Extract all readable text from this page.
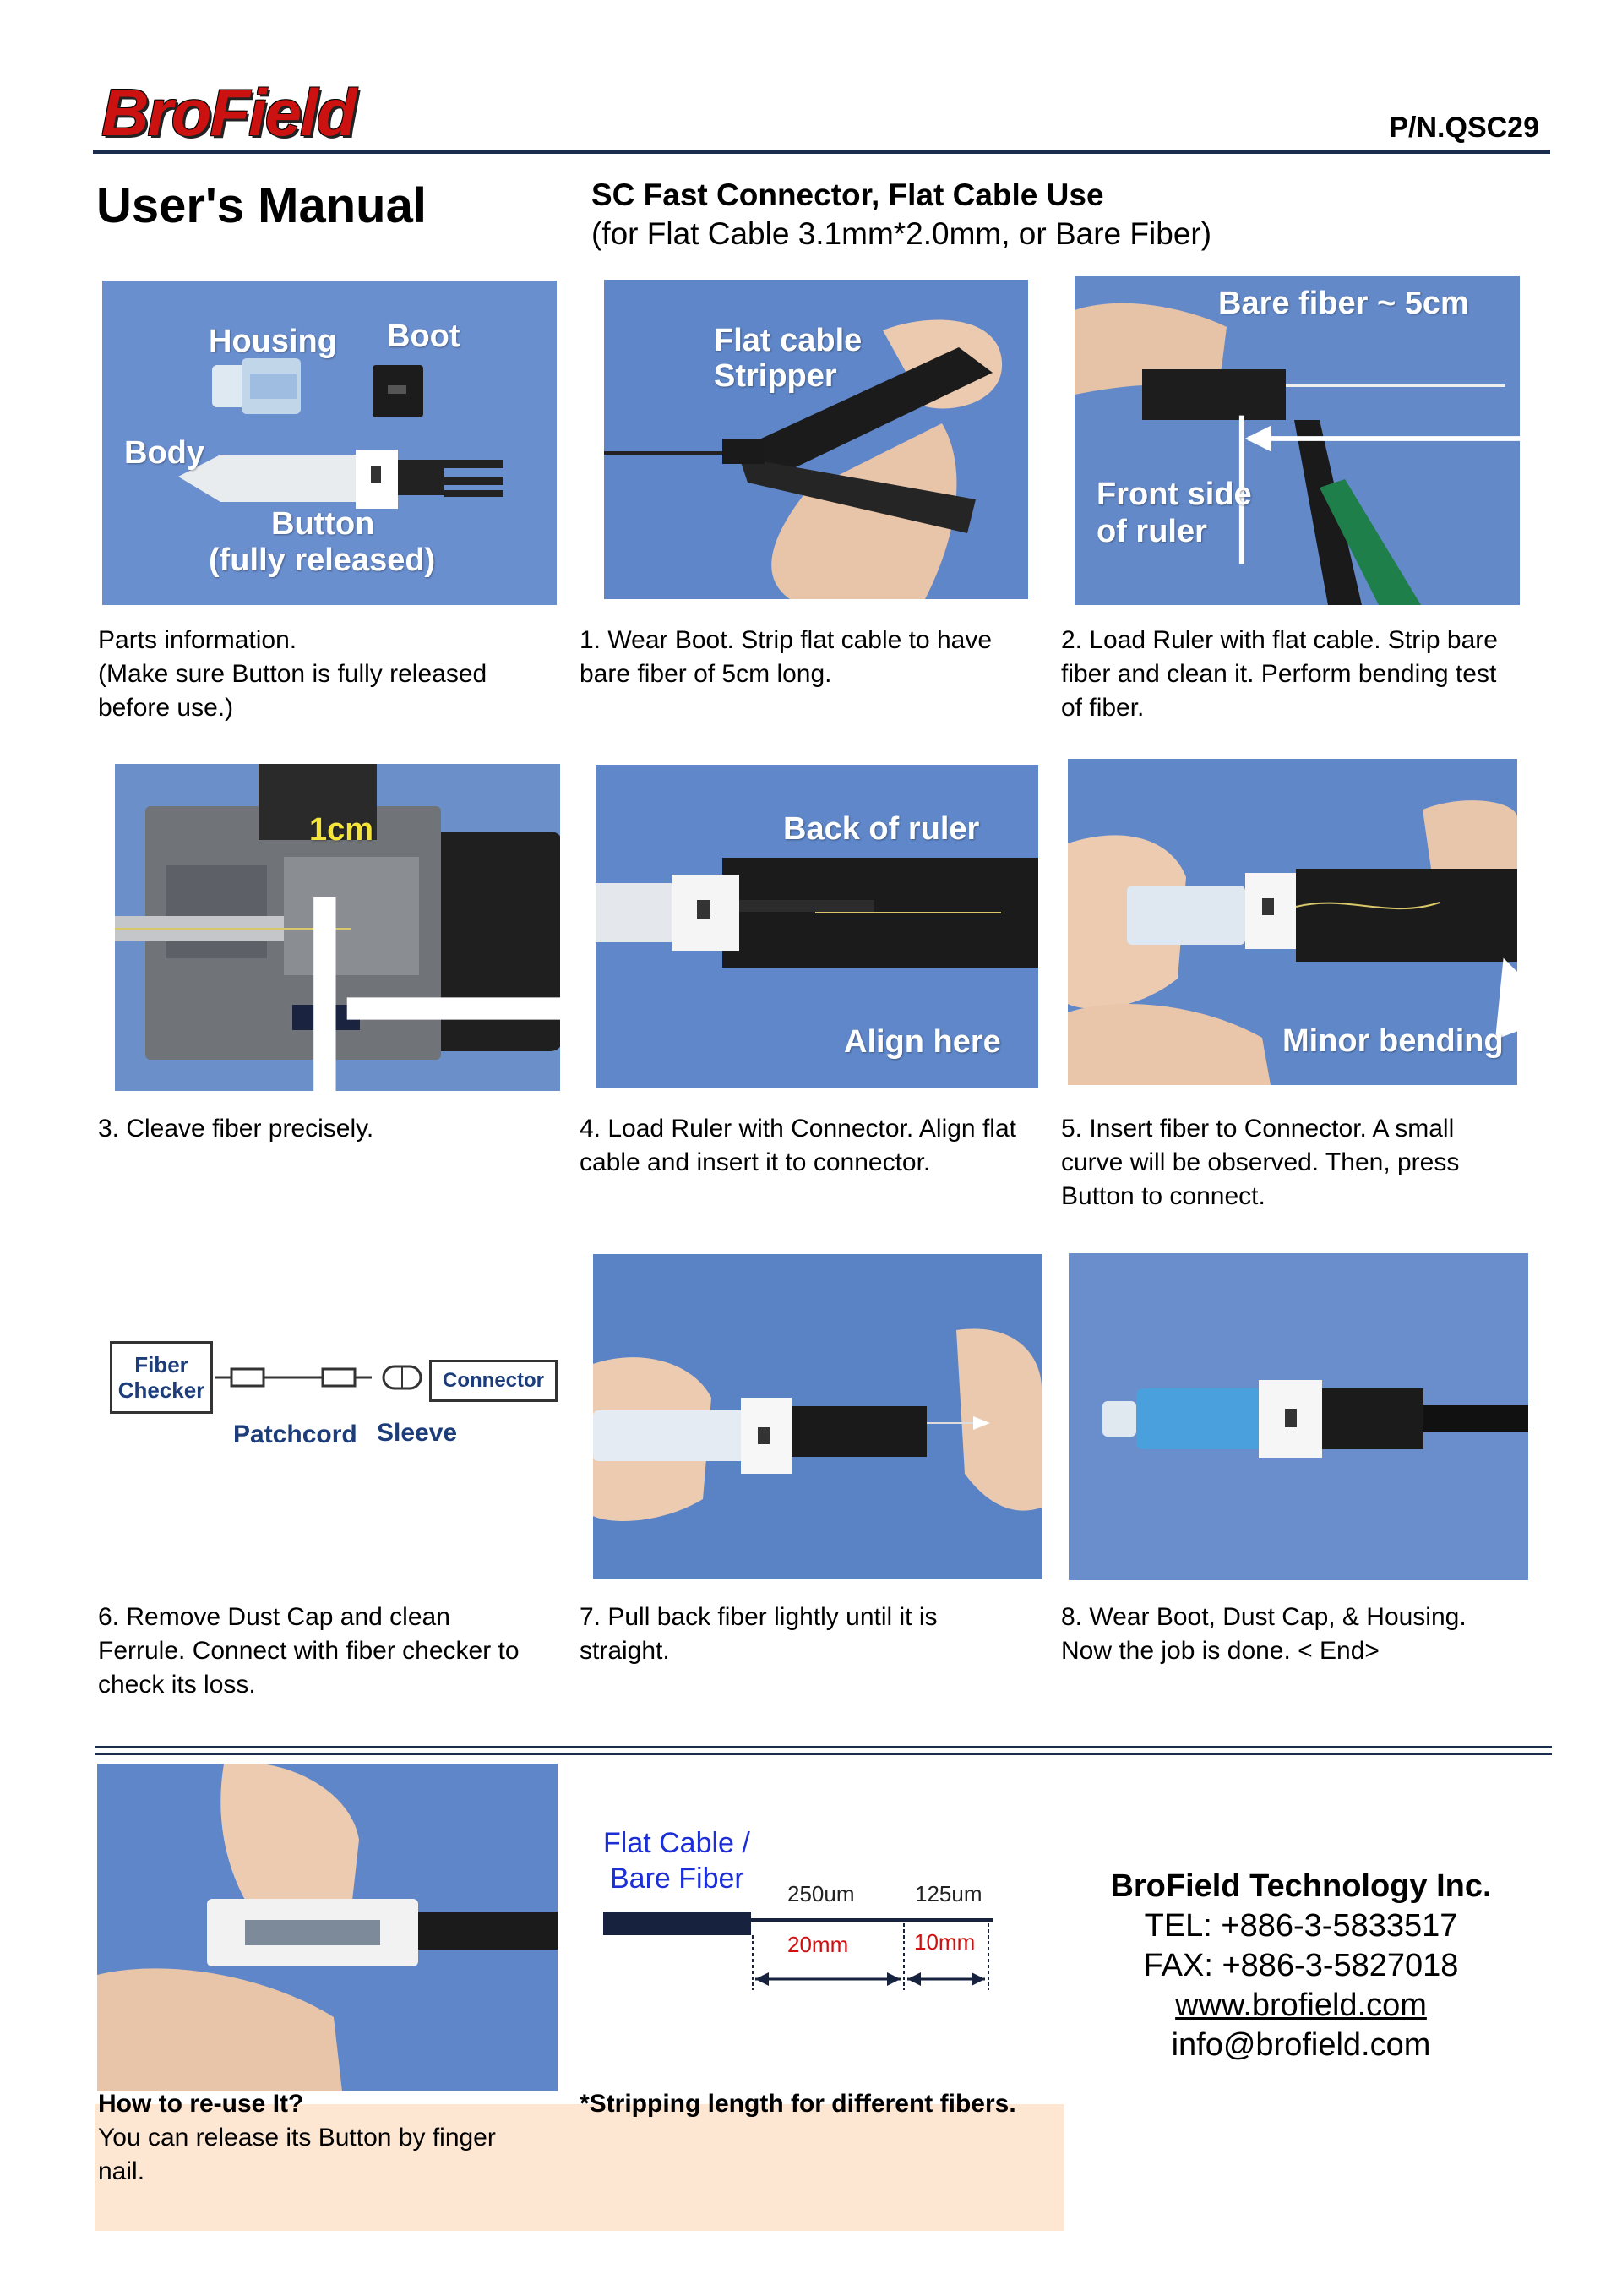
BroField	P/N.QSC29
User's Manual	SC Fast Connector, Flat Cable Use
(for Flat Cable 3.1mm*2.0mm, or Bare Fiber)
Housing Boot
Body
Button
(fully released)
Flat cable
Stripper
Bare fiber ~ 5cm
Front side
of ruler
Parts information.
(Make sure Button is fully released
before use.)
1. Wear Boot. Strip flat cable to have
bare fiber of 5cm long.
2. Load Ruler with flat cable. Strip bare
fiber and clean it. Perform bending test
of fiber.
1cm	Back of ruler
Align here	Minor bending
3. Cleave fiber precisely.	4. Load Ruler with Connector. Align flat
cable and insert it to connector.
5. Insert fiber to Connector. A small
curve will be observed. Then, press
Button to connect.
Fiber
Checker	Connector
Patchcord Sleeve
6. Remove Dust Cap and clean
Ferrule. Connect with fiber checker to
check its loss.
7. Pull back fiber lightly until it is
straight.
8. Wear Boot, Dust Cap, & Housing.
Now the job is done. < End>
Flat Cable /
Bare Fiber 250um	125um
20mm	10mm
How to re-use It?
You can release its Button by finger
nail.
*Stripping length for different fibers.
BroField Technology Inc.
TEL: +886-3-5833517
FAX: +886-3-5827018
www.brofield.com
info@brofield.com
